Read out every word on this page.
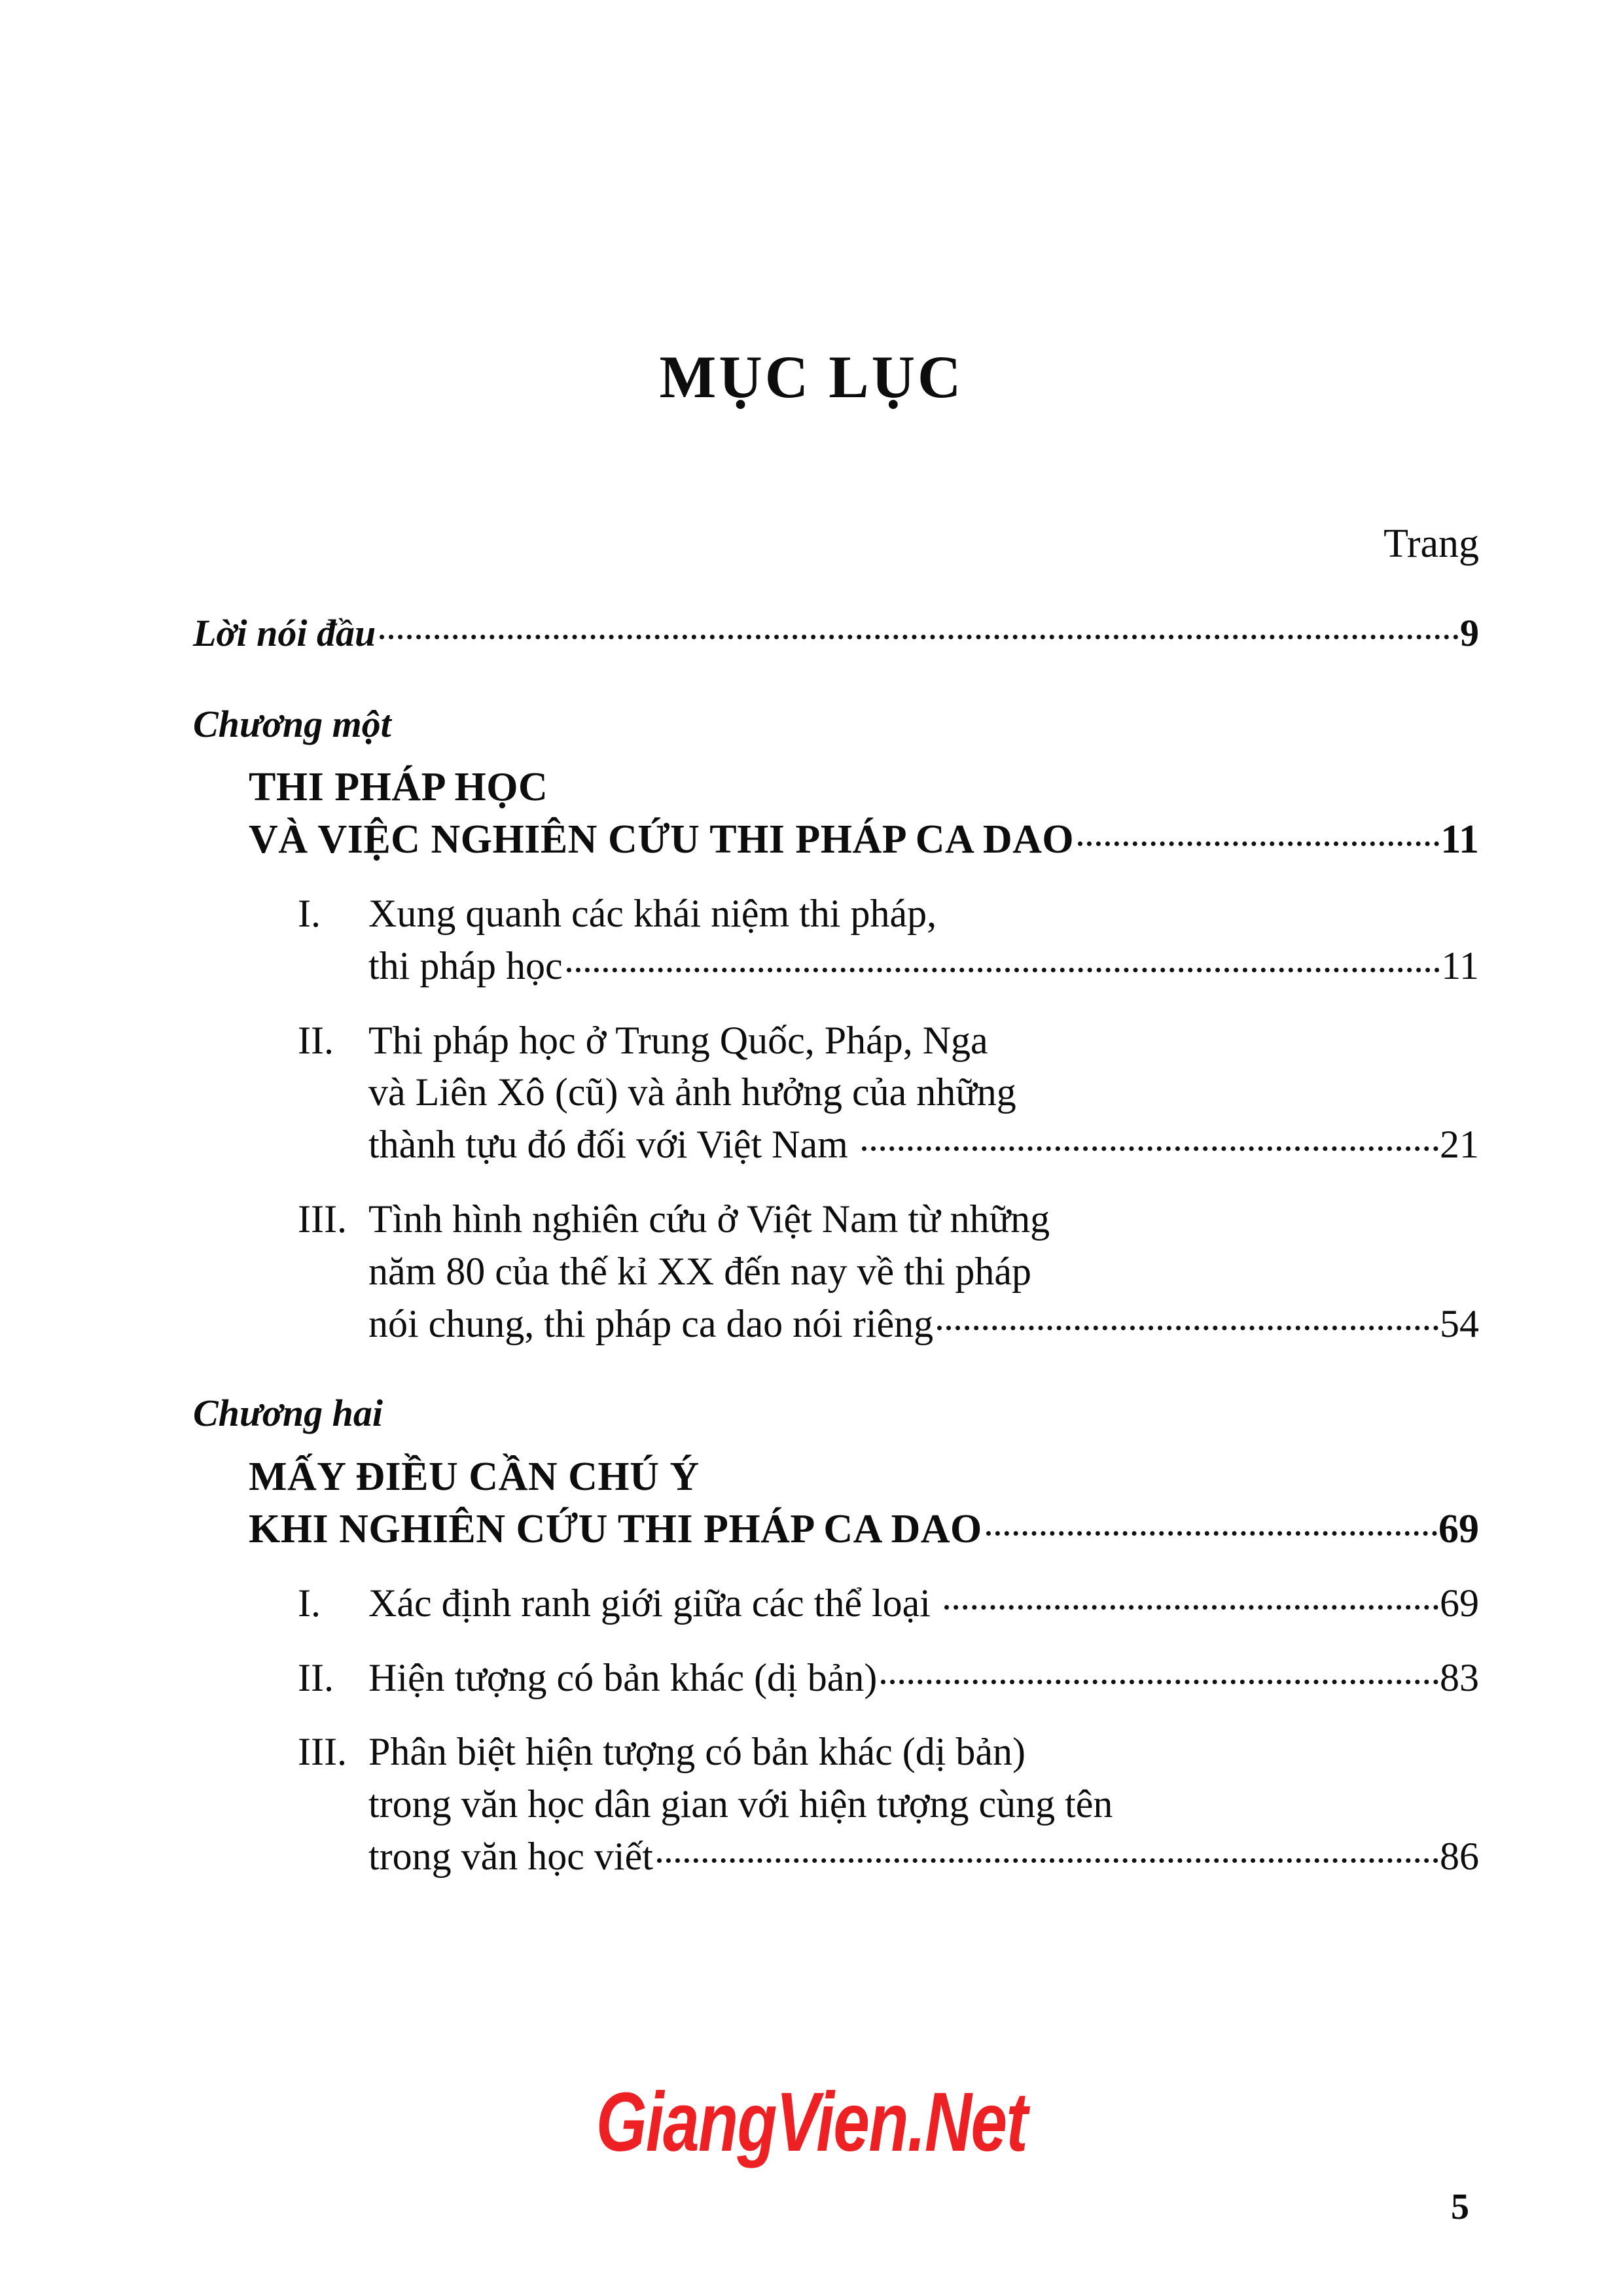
MỤC LỤC
Trang
Lời nói đầu	9
Chương một
THI PHÁP HỌC
VÀ VIỆC NGHIÊN CỨU THI PHÁP CA DAO	11
I.	Xung quanh các khái niệm thi pháp,
thi pháp học	11
II. Thi pháp học ở Trung Quốc, Pháp, Nga
và Liên Xô (cũ) và ảnh hưởng của những
thành tựu đó đối với Việt Nam	21
III. Tình hình nghiên cứu ở Việt Nam từ những
năm 80 của thế kỉ XX đến nay về thi pháp
nói chung, thi pháp ca dao nói riêng	54
Chương hai
MẤY ĐIỀU CẦN CHÚ Ý
KHI NGHIÊN CỨU THI PHÁP CA DAO	69
I.	Xác định ranh giới giữa các thể loại	69
II. Hiện tượng có bản khác (dị bản)	83
III. Phân biệt hiện tượng có bản khác (dị bản)
trong văn học dân gian với hiện tượng cùng tên
trong văn học viết	86
GiangVien.Net
5
